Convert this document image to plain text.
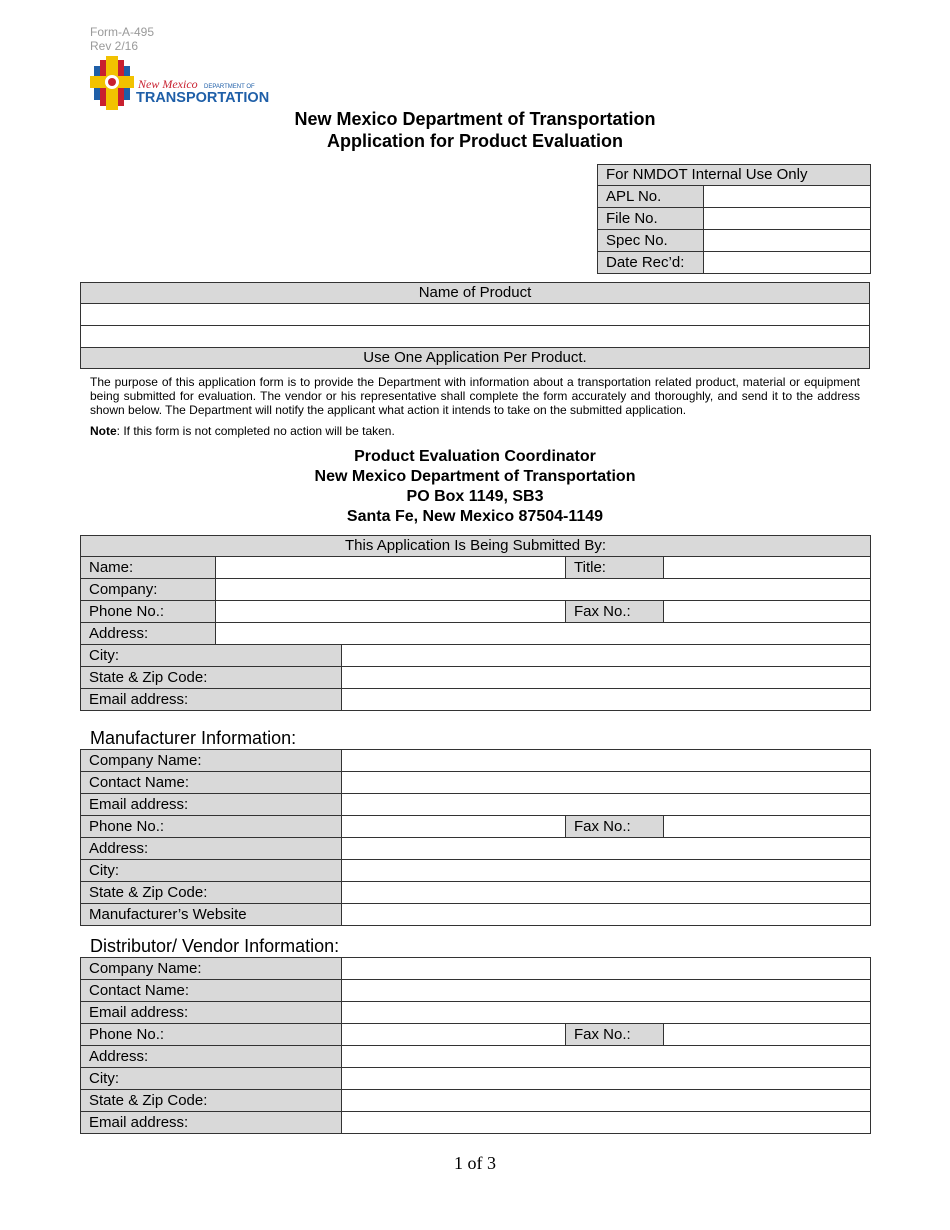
Form-A-495
Rev 2/16
New Mexico DEPARTMENT OF
TRANSPORTATION
New Mexico Department of Transportation
Application for Product Evaluation
For NMDOT Internal Use Only	
APL No.	
File No.	
Spec No.	
Date Rec’d:	
Name of Product

Use One Application Per Product.
The purpose of this application form is to provide the Department with information about a transportation related product, material or equipment being submitted for evaluation. The vendor or his representative shall complete the form accurately and thoroughly, and send it to the address shown below. The Department will notify the applicant what action it intends to take on the submitted application.
Note: If this form is not completed no action will be taken.
Product Evaluation Coordinator
New Mexico Department of Transportation
PO Box 1149, SB3
Santa Fe, New Mexico 87504-1149
This Application Is Being Submitted By:				
Name:			Title:	
Company:				
Phone No.:			Fax No.:	
Address:				
City:				
State & Zip Code:				
Email address:				
Manufacturer Information:
Company Name:			
Contact Name:			
Email address:			
Phone No.:		Fax No.:	
Address:			
City:			
State & Zip Code:			
Manufacturer’s Website			
Distributor/ Vendor Information:
Company Name:			
Contact Name:			
Email address:			
Phone No.:		Fax No.:	
Address:			
City:			
State & Zip Code:			
Email address:			
1 of 3
